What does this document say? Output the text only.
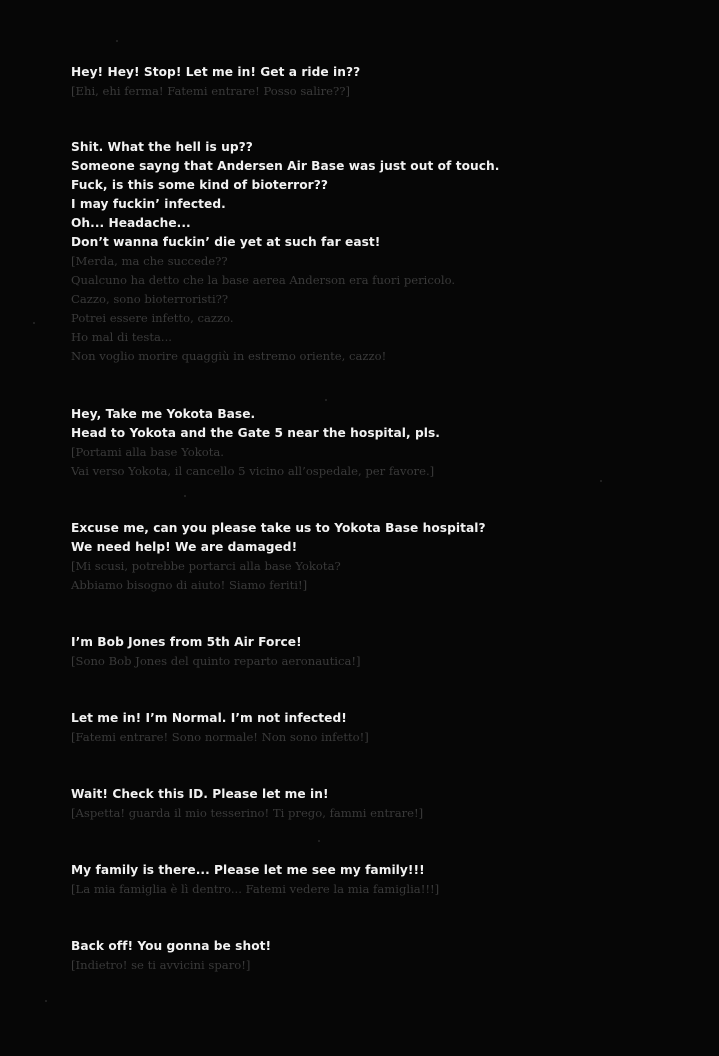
Hey! Hey! Stop! Let me in! Get a ride in??
[Ehi, ehi ferma! Fatemi entrare! Posso salire??]
Shit. What the hell is up??
Someone sayng that Andersen Air Base was just out of touch.
Fuck, is this some kind of bioterror??
I may fuckin’ infected.
Oh... Headache...
Don’t wanna fuckin’ die yet at such far east!
[Merda, ma che succede??
Qualcuno ha detto che la base aerea Anderson era fuori pericolo.
Cazzo, sono bioterroristi??
Potrei essere infetto, cazzo.
Ho mal di testa...
Non voglio morire quaggiù in estremo oriente, cazzo!
Hey, Take me Yokota Base.
Head to Yokota and the Gate 5 near the hospital, pls.
[Portami alla base Yokota.
Vai verso Yokota, il cancello 5 vicino all’ospedale, per favore.]
Excuse me, can you please take us to Yokota Base hospital?
We need help! We are damaged!
[Mi scusi, potrebbe portarci alla base Yokota?
Abbiamo bisogno di aiuto! Siamo feriti!]
I’m Bob Jones from 5th Air Force!
[Sono Bob Jones del quinto reparto aeronautica!]
Let me in! I’m Normal. I’m not infected!
[Fatemi entrare! Sono normale! Non sono infetto!]
Wait! Check this ID. Please let me in!
[Aspetta! guarda il mio tesserino! Ti prego, fammi entrare!]
My family is there... Please let me see my family!!!
[La mia famiglia è lì dentro... Fatemi vedere la mia famiglia!!!]
Back off! You gonna be shot!
[Indietro! se ti avvicini sparo!]
